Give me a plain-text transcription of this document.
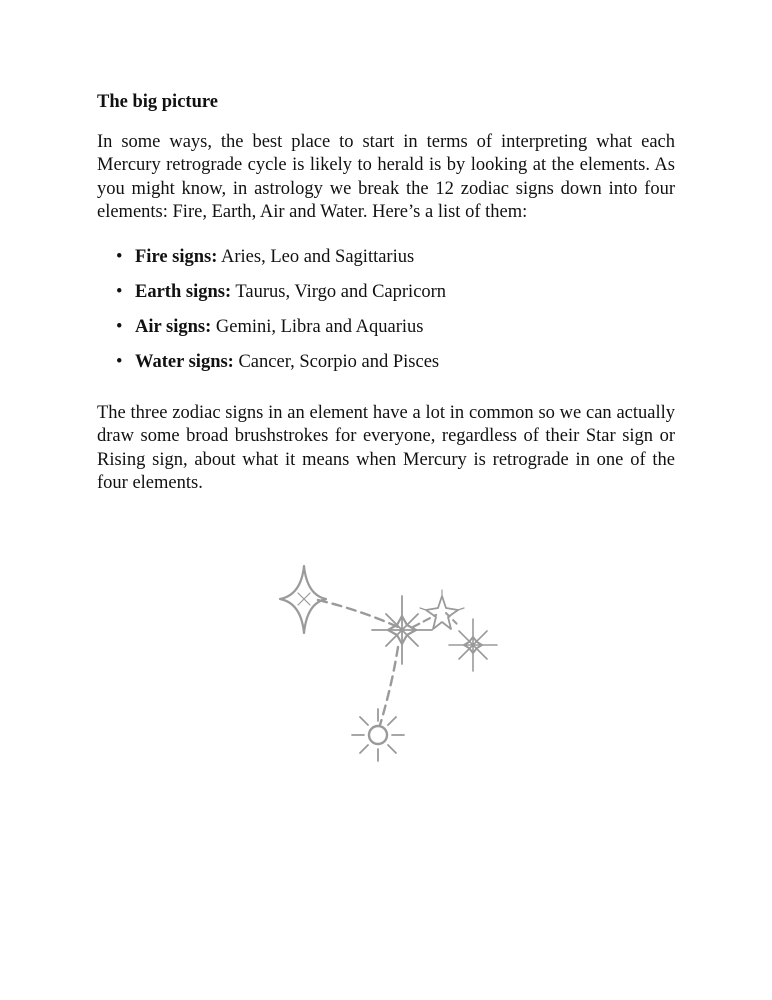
The big picture

In some ways, the best place to start in terms of interpreting what each Mercury retrograde cycle is likely to herald is by looking at the elements. As you might know, in astrology we break the 12 zodiac signs down into four elements: Fire, Earth, Air and Water. Here’s a list of them:

• Fire signs: Aries, Leo and Sagittarius
• Earth signs: Taurus, Virgo and Capricorn
• Air signs: Gemini, Libra and Aquarius
• Water signs: Cancer, Scorpio and Pisces

The three zodiac signs in an element have a lot in common so we can actually draw some broad brushstrokes for everyone, regardless of their Star sign or Rising sign, about what it means when Mercury is retrograde in one of the four elements.
